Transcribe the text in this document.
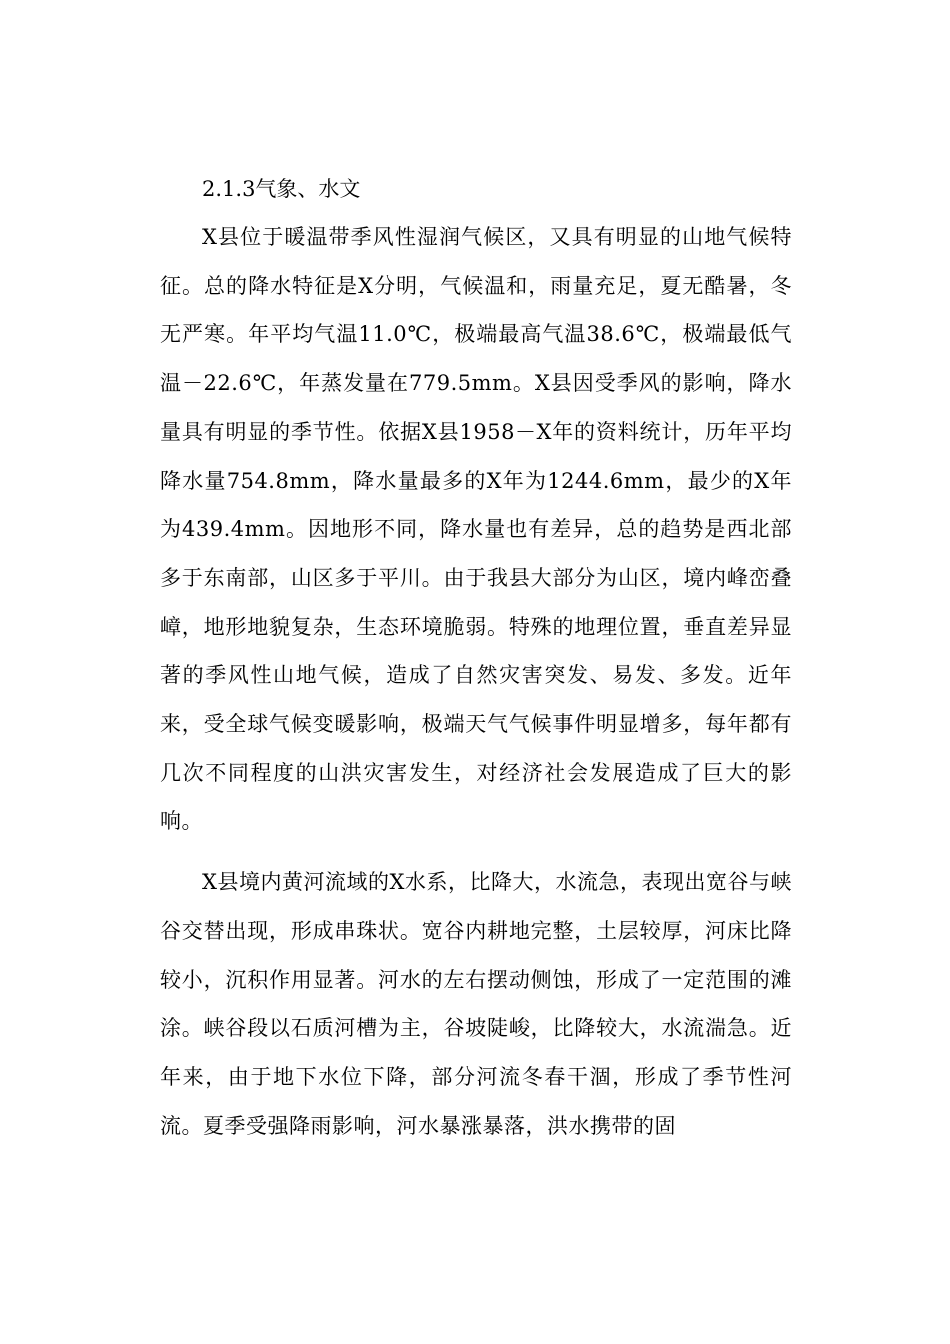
2.1.3气象、水文

X县位于暖温带季风性湿润气候区，又具有明显的山地气候特征。总的降水特征是X分明，气候温和，雨量充足，夏无酷暑，冬无严寒。年平均气温11.0℃，极端最高气温38.6℃，极端最低气温－22.6℃，年蒸发量在779.5mm。X县因受季风的影响，降水量具有明显的季节性。依据X县1958－X年的资料统计，历年平均降水量754.8mm，降水量最多的X年为1244.6mm，最少的X年为439.4mm。因地形不同，降水量也有差异，总的趋势是西北部多于东南部，山区多于平川。由于我县大部分为山区，境内峰峦叠嶂，地形地貌复杂，生态环境脆弱。特殊的地理位置，垂直差异显著的季风性山地气候，造成了自然灾害突发、易发、多发。近年来，受全球气候变暖影响，极端天气气候事件明显增多，每年都有几次不同程度的山洪灾害发生，对经济社会发展造成了巨大的影响。

X县境内黄河流域的X水系，比降大，水流急，表现出宽谷与峡谷交替出现，形成串珠状。宽谷内耕地完整，土层较厚，河床比降较小，沉积作用显著。河水的左右摆动侧蚀，形成了一定范围的滩涂。峡谷段以石质河槽为主，谷坡陡峻，比降较大，水流湍急。近年来，由于地下水位下降，部分河流冬春干涸，形成了季节性河流。夏季受强降雨影响，河水暴涨暴落，洪水携带的固
